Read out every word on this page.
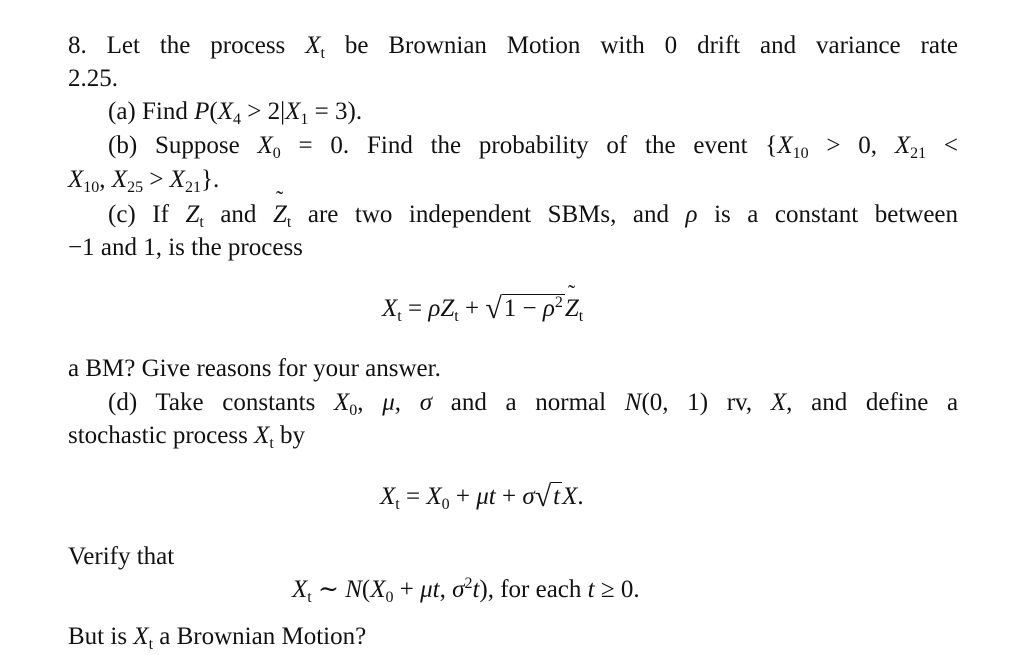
8. Let the process $X_t$ be Brownian Motion with 0 drift and variance rate
2.25.
(a) Find $P(X_4 > 2|X_1 = 3)$.
(b) Suppose $X_0 = 0$. Find the probability of the event {$X_{10} > 0$, $X_{21}$ <
$X_{10}$, $X_{25} > X_{21}$}.
(c) If $Z_t$ and ˜ $Z_t$ are two independent SBMs, and ρ is a constant between
−1 and 1, is the process
$X_t = \rho Z_t + √1$ − $\rho^2˜$ $Z_t$
a BM? Give reasons for your answer.
(d) Take constants $X_0$, μ, σ and a normal N(0, 1) rv, X, and define a
stochastic process $X_t$ by
$X_t = X_0 + \mu t + \sigma√tX$.
Verify that
$X_t$ ∼ $N(X_0 + \mu t$, $\sigma^2t$), for each t ≥ 0.
But is $X_t$ a Brownian Motion?
